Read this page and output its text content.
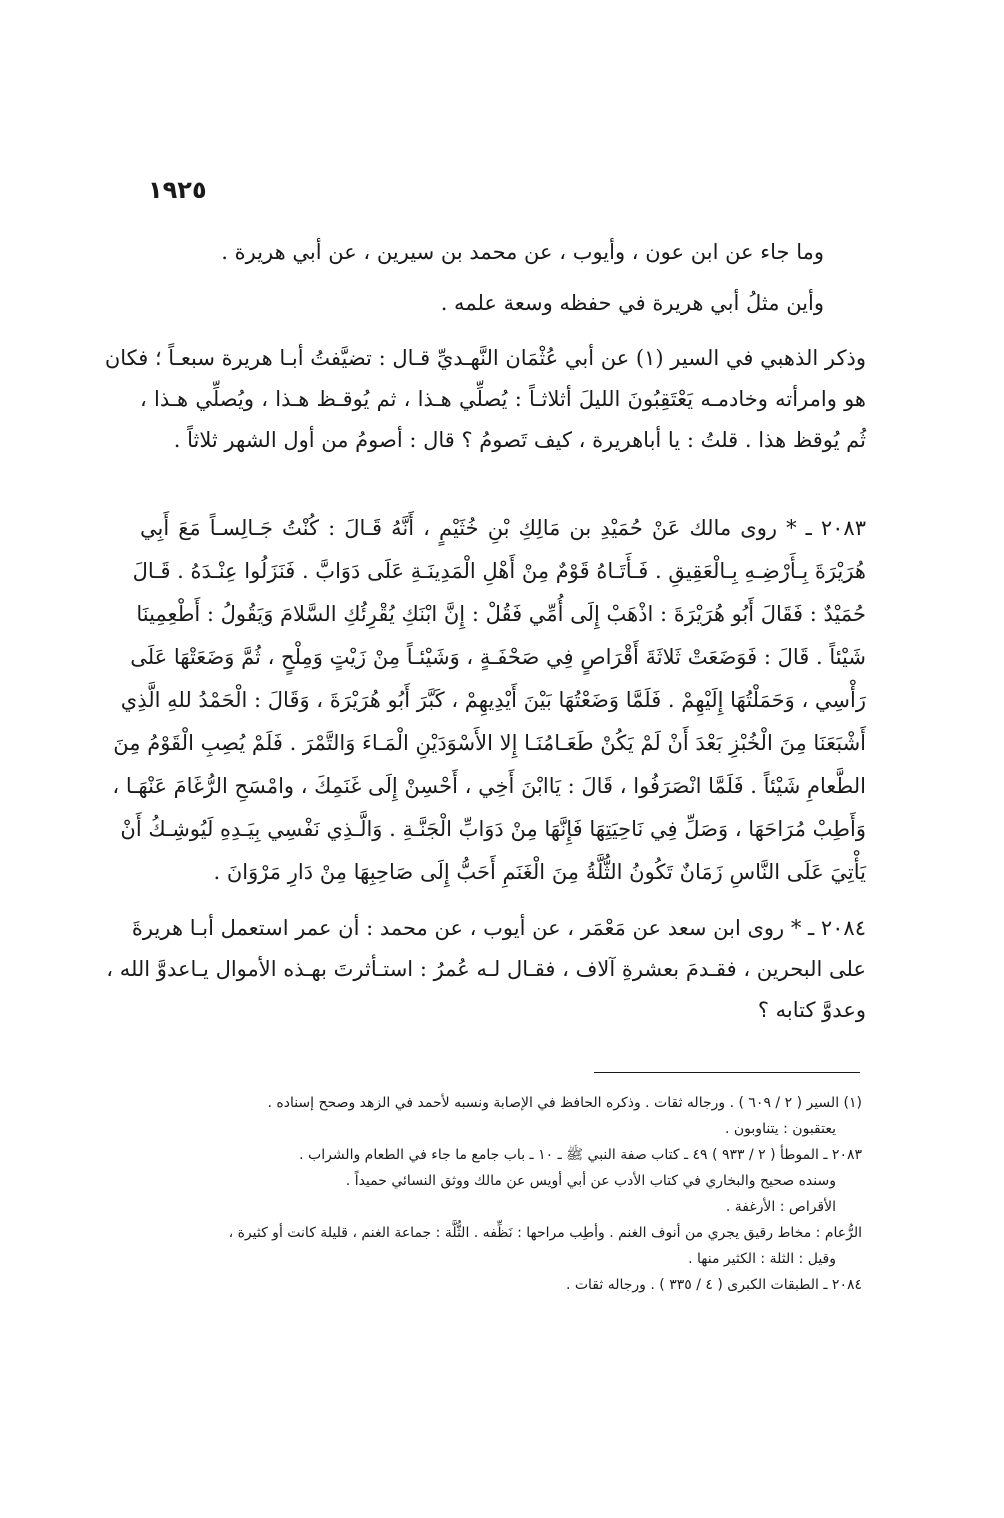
١٩٢٥
وما جاء عن ابن عون ، وأيوب ، عن محمد بن سيرين ، عن أبي هريرة .
وأين مثلُ أبي هريرة في حفظه وسعة علمه .
وذكر الذهبي في السير (١) عن أبي عُثْمَان النَّهـديِّ قـال : تضيَّفتُ أبـا هريرة سبعـاً ؛ فكان
هو وامرأته وخادمـه يَعْتَقِبُونَ الليلَ أثلاثـاً : يُصلِّي هـذا ، ثم يُوقـظ هـذا ، ويُصلِّي هـذا ،
ثُم يُوقظ هذا . قلتُ : يا أباهريرة ، كيف تَصومُ ؟ قال : أصومُ من أول الشهر ثلاثاً .
٢٠٨٣ ـ * روى مالك عَنْ حُمَيْدِ بن مَالِكِ بْنِ خُثَيْمٍ ، أَنَّهُ قَـالَ : كُنْتُ جَـالِسـاً مَعَ أَبِي
هُرَيْرَةَ بِـأَرْضِـهِ بِـالْعَقِيقِ . فَـأَتَـاهُ قَوْمٌ مِنْ أَهْلِ الْمَدِينَـةِ عَلَى دَوَابَّ . فَنَزَلُوا عِنْـدَهُ . قَـالَ
حُمَيْدٌ : فَقَالَ أَبُو هُرَيْرَةَ : اذْهَبْ إِلَى أُمِّي فَقُلْ : إِنَّ ابْنَكِ يُقْرِئُكِ السَّلامَ وَيَقُولُ : أَطْعِمِينَا
شَيْئاً . قَالَ : فَوَضَعَتْ ثَلاثَةَ أَقْرَاصٍ فِي صَحْفَـةٍ ، وَشَيْئـاً مِنْ زَيْتٍ وَمِلْحٍ ، ثُمَّ وَضَعَتْهَا عَلَى
رَأْسِي ، وَحَمَلْتُهَا إِلَيْهِمْ . فَلَمَّا وَضَعْتُهَا بَيْنَ أَيْدِيهِمْ ، كَبَّرَ أَبُو هُرَيْرَةَ ، وَقَالَ : الْحَمْدُ للهِ الَّذِي
أَشْبَعَنَا مِنَ الْخُبْزِ بَعْدَ أَنْ لَمْ يَكُنْ طَعَـامُنَـا إِلا الأَسْوَدَيْنِ الْمَـاءَ وَالتَّمْرَ . فَلَمْ يُصِبِ الْقَوْمُ مِنَ
الطَّعامِ شَيْئاً . فَلَمَّا انْصَرَفُوا ، قَالَ : يَاابْنَ أَخِي ، أَحْسِنْ إِلَى غَنَمِكَ ، وامْسَحِ الرُّغَامَ عَنْهَـا ،
وَأَطِبْ مُرَاحَهَا ، وَصَلِّ فِي نَاحِيَتِهَا فَإِنَّهَا مِنْ دَوَابِّ الْجَنَّـةِ . وَالَّـذِي نَفْسِي بِيَـدِهِ لَيُوشِـكُ أَنْ
يَأْتِيَ عَلَى النَّاسِ زَمَانٌ تَكُونُ الثُّلَّةُ مِنَ الْغَنَمِ أَحَبُّ إِلَى صَاحِبِهَا مِنْ دَارِ مَرْوَانَ .
٢٠٨٤ ـ * روى ابن سعد عن مَعْمَر ، عن أيوب ، عن محمد : أن عمر استعمل أبـا هريرةَ
على البحرين ، فقـدمَ بعشرةِ آلاف ، فقـال لـه عُمرُ : استـأثرتَ بهـذه الأموال يـاعدوَّ الله ،
وعدوَّ كتابه ؟
(١) السير ( ٢ / ٦٠٩ ) . ورجاله ثقات . وذكره الحافظ في الإصابة ونسبه لأحمد في الزهد وصحح إسناده .
يعتقبون : يتناوبون .
٢٠٨٣ ـ الموطأ ( ٢ / ٩٣٣ ) ٤٩ ـ كتاب صفة النبي ﷺ ـ ١٠ ـ باب جامع ما جاء في الطعام والشراب .
وسنده صحيح والبخاري في كتاب الأدب عن أبي أويس عن مالك ووثق النسائي حميداً .
الأقراص : الأرغفة .
الرُّعام : مخاط رقيق يجري من أنوف الغنم . وأطِب مراحها : نَظِّفه . الثُّلَّة : جماعة الغنم ، قليلة كانت أو كثيرة ،
وقيل : الثلة : الكثير منها .
٢٠٨٤ ـ الطبقات الكبرى ( ٤ / ٣٣٥ ) . ورجاله ثقات .
